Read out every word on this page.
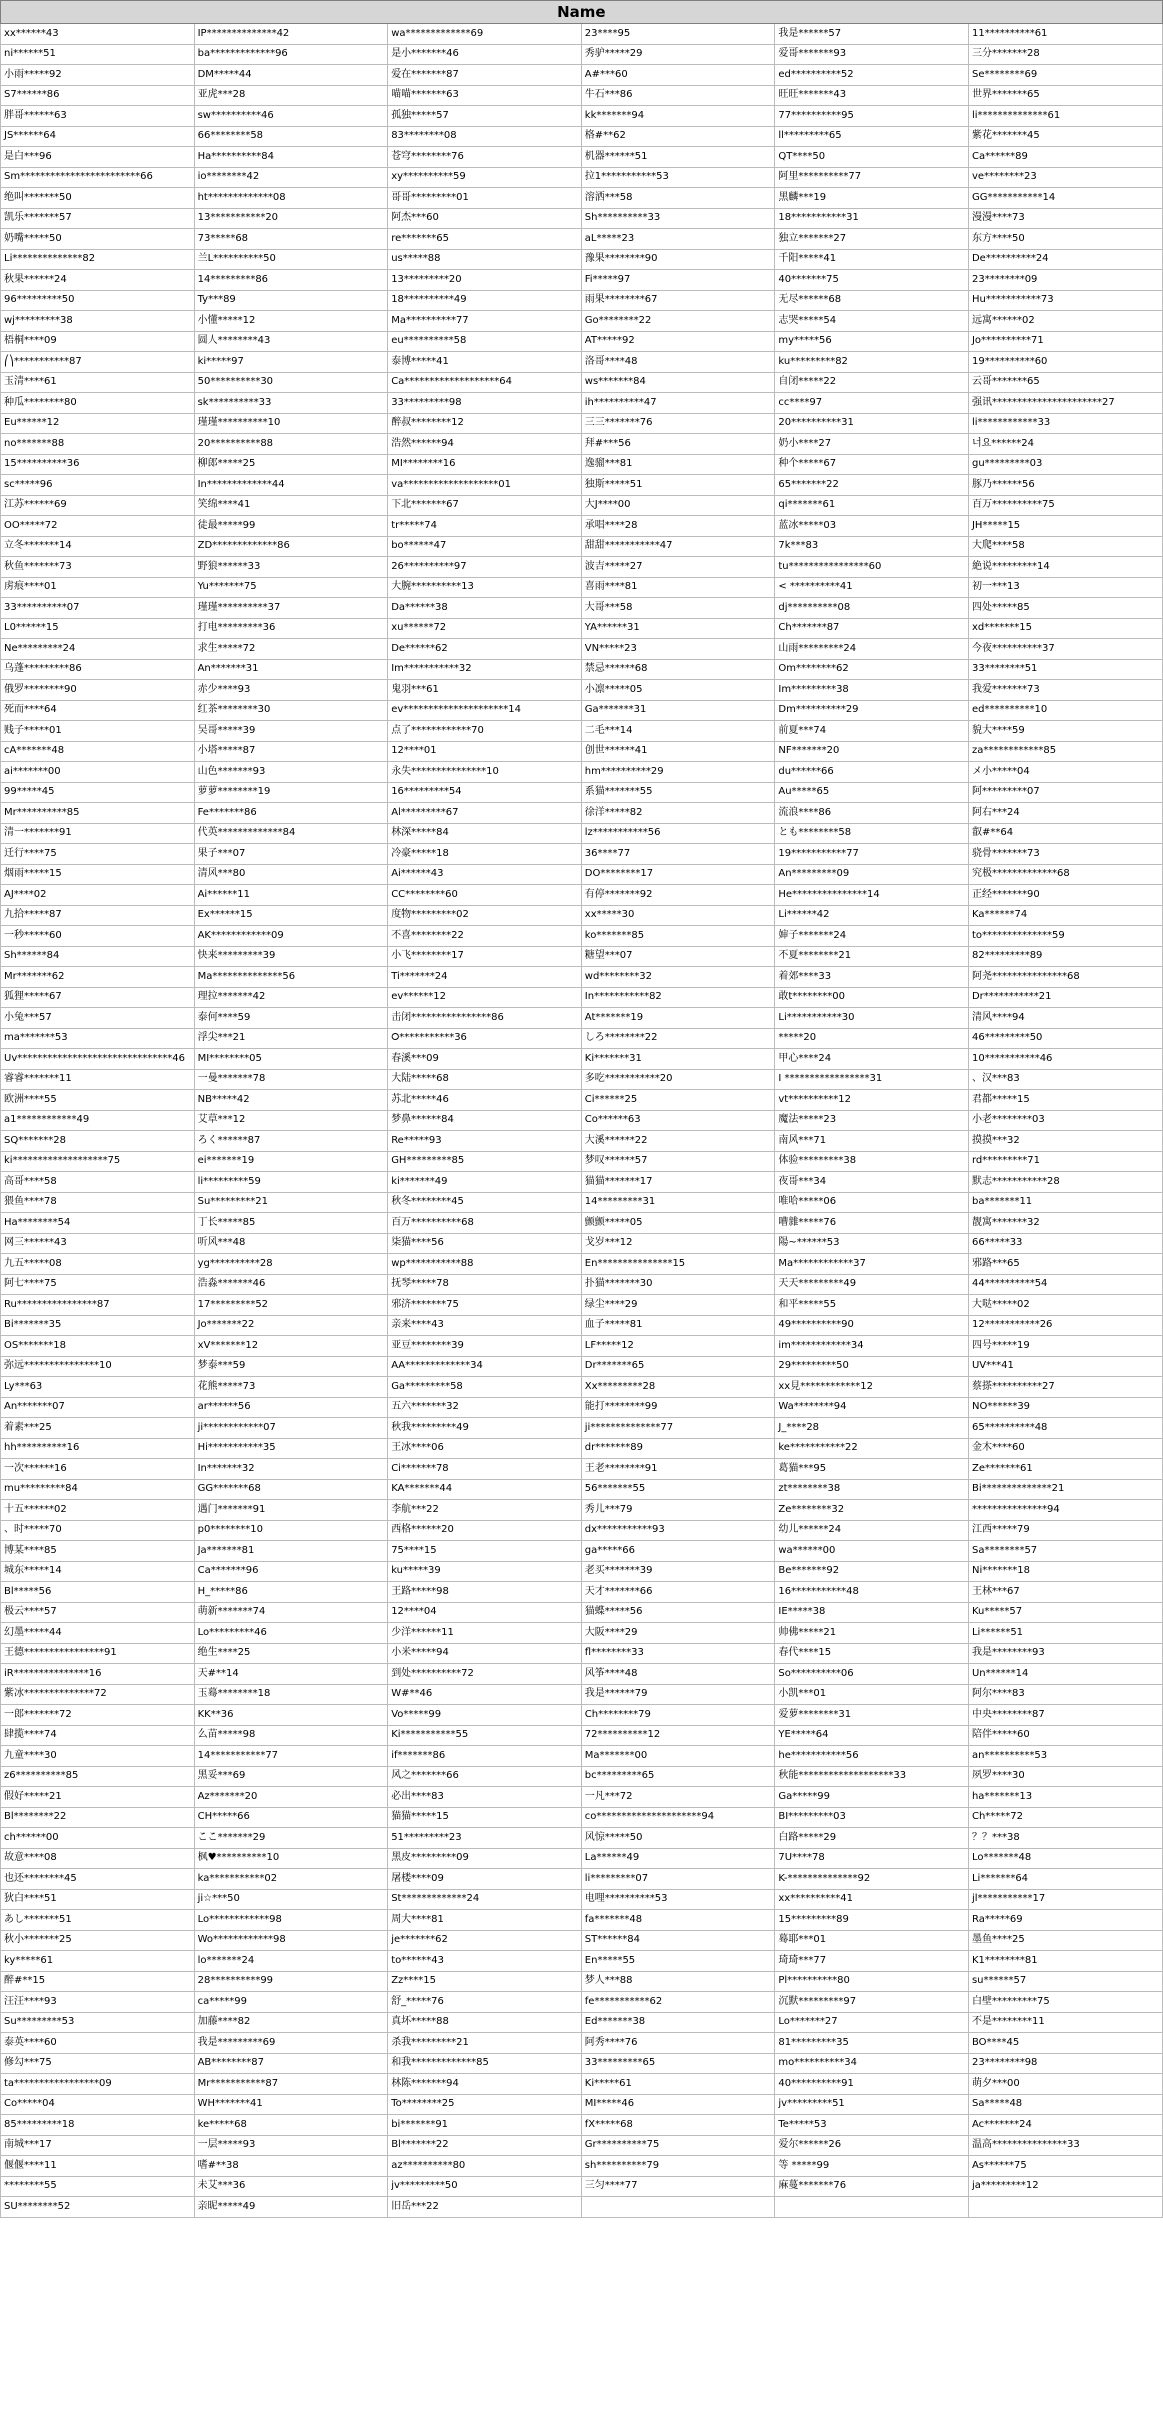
Name					
xx******43	IP**************42	wa*************69	23****95	我是******57	11**********61
ni******51	ba*************96	是小*******46	秀驴*****29	爱哥*******93	三分*******28
小雨*****92	DM*****44	爱在*******87	A#***60	ed**********52	Se********69
S7******86	亚虎***28	喵喵*******63	牛石***86	旺旺*******43	世界*******65
胖哥******63	sw**********46	孤独*****57	kk*******94	77**********95	li**************61
JS******64	66********58	83********08	格#**62	ll*********65	紫花*******45
是白***96	Ha**********84	苍穹********76	机器******51	QT****50	Ca******89
Sm************************66	io********42	xy**********59	拉1***********53	阿里**********77	ve********23
绝叫*******50	ht*************08	哥哥*********01	溶洒***58	黑麟***19	GG***********14
凯乐*******57	13***********20	阿杰***60	Sh**********33	18***********31	漫漫****73
奶嘴*****50	73*****68	re*******65	aL*****23	独立*******27	东方****50
Li**************82	兰L**********50	us*****88	豫果********90	千阳*****41	De**********24
秋果******24	14*********86	13*********20	Fi*****97	40*******75	23********09
96*********50	Ty***89	18**********49	雨果********67	无尽******68	Hu***********73
wj*********38	小懂*****12	Ma**********77	Go********22	志哭*****54	远寓******02
梧桐****09	圆人********43	eu**********58	AT*****92	my*****56	Jo**********71
⎛⎞***********87	ki*****97	泰博*****41	洛哥****48	ku*********82	19**********60
玉清****61	50**********30	Ca*******************64	ws*******84	自闭*****22	云哥*******65
种瓜********80	sk**********33	33*********98	ih**********47	cc****97	强讯**********************27
Eu******12	瑾瑾**********10	醉叔********12	三三*******76	20**********31	li************33
no*******88	20**********88	浩然******94	拜#***56	奶小****27	너요******24
15**********36	柳郎*****25	MI********16	逸骝***81	种个*****67	gu*********03
sc*****96	In*************44	va*******************01	独斯*****51	65*******22	豚乃******56
江苏******69	笑绵****41	下北*******67	大J****00	qi*******61	百万**********75
OO*****72	徒最*****99	tr*****74	承唱****28	蓝冰*****03	JH*****15
立冬*******14	ZD*************86	bo******47	甜甜***********47	7k***83	大爬****58
秋鱼*******73	野狼******33	26**********97	波吉*****27	tu****************60	絶说*********14
虏痕****01	Yu*******75	大腕**********13	喜雨****81	< **********41	初一***13
33**********07	瑾瑾**********37	Da******38	大哥***58	dj**********08	四处*****85
L0******15	打电*********36	xu******72	YA******31	Ch*******87	xd*******15
Ne*********24	求生*****72	De******62	VN*****23	山雨*********24	今夜**********37
乌蓬*********86	An*******31	Im***********32	禁忌******68	Om********62	33********51
俄罗********90	赤少****93	鬼羽***61	小凛*****05	Im*********38	我爱*******73
死而****64	红茶********30	ev*********************14	Ga*******31	Dm**********29	ed**********10
贱子*****01	吴哥*****39	点了************70	二毛***14	前夏***74	貌大****59
cA*******48	小塔*****87	12****01	创世******41	NF*******20	za************85
ai*******00	山色*******93	永失***************10	hm**********29	du******66	メ小*****04
99*****45	萝萝********19	16*********54	系猫*******55	Au*****65	阿*********07
Mr**********85	Fe*******86	Al*********67	徐洋*****82	流浪****86	阿右***24
清一*******91	代英*************84	林深*****84	lz***********56	とも********58	叡#**64
迁行****75	果子***07	冷豪*****18	36****77	19***********77	骁骨*******73
烟雨*****15	清风***80	Ai******43	DO********17	An*********09	究极*************68
AJ****02	Ai******11	CC********60	有停*******92	He***************14	正经*******90
九拾*****87	Ex******15	度物*********02	xx*****30	Li******42	Ka******74
一秒*****60	AK************09	不喜********22	ko*******85	婶子*******24	to**************59
Sh******84	快来*********39	小飞********17	糖望***07	不夏********21	82*********89
Mr*******62	Ma**************56	Ti*******24	wd********32	着郊****33	阿尧***************68
狐狸*****67	理拉*******42	ev******12	In***********82	敢t********00	Dr***********21
小兔***57	泰何****59	击闭****************86	At*******19	Li***********30	清风****94
ma*******53	浮尖***21	⭘***********36	しろ********22	*****20	46*********50
Uv*******************************46	MI********05	春溪***09	Ki*******31	甲心****24	10***********46
睿睿*******11	一曼*******78	大陆*****68	多吃***********20	I *****************31	、汉***83
欧洲****55	NB*****42	苏北*****46	Ci******25	vt**********12	君都*****15
a1************49	艾草***12	梦鼻******84	Co******63	魔法*****23	小老********03
SQ*******28	ろく******87	Re*****93	大溪******22	南风***71	摸摸***32
ki*******************75	ei*******19	GH*********85	梦叹******57	体验*********38	rd*********71
高哥****58	li*********59	ki*******49	猫猫*******17	夜哥***34	默志***********28
猥鱼****78	Su*********21	秋冬********45	14*********31	唯哈*****06	ba*******11
Ha********54	丁长*****85	百万**********68	颤颤*****05	嘈雜*****76	靓寓*******32
网三******43	听风***48	柒猫****56	戈岁***12	陽~******53	66*****33
九五*****08	yg**********28	wp***********88	En***************15	Ma************37	邪路***65
阿七****75	浩淼*******46	抚琴*****78	扑猫*******30	天天*********49	44**********54
Ru****************87	17*********52	邪济*******75	绿尘****29	和平*****55	大哒*****02
Bi*******35	Jo*******22	亲来****43	血子*****81	49**********90	12***********26
OS*******18	xV*******12	亚豆********39	LF*****12	im************34	四号*****19
弥远***************10	梦泰***59	AA*************34	Dr*******65	29*********50	UV***41
Ly***63	花熊*****73	Ga*********58	Xx*********28	xx見************12	蔡搽**********27
An*******07	ar******56	五六*******32	能打********99	Wa********94	NO******39
着素***25	ji************07	秋我*********49	ji**************77	J_****28	65**********48
hh**********16	Hi***********35	王冰****06	dr*******89	ke***********22	金木****60
一次******16	In*******32	Ci*******78	王老********91	葛猫***95	Ze*******61
mu*********84	GG*******68	KA*******44	56*******55	zt********38	Bi**************21
十五******02	遇门*******91	李航***22	秀儿***79	Ze********32	***************94
、时*****70	p0********10	西格******20	dx***********93	幼儿******24	江西*****79
博某****85	Ja*******81	75****15	ga*****66	wa******00	Sa********57
城东*****14	Ca*******96	ku*****39	老买*******39	Be*******92	Ni*******18
Bl*****56	H_*****86	王路*****98	天才*******66	16***********48	王林***67
极云****57	萌新*******74	12****04	猫蝶*****56	IE*****38	Ku*****57
幻墨*****44	Lo*********46	少洋******11	大阪****29	帅佛*****21	Li******51
王德****************91	绝生****25	小米*****94	fl********33	春代****15	我是********93
iR***************16	天#**14	到处**********72	风筝****48	So**********06	Un******14
紫冰**************72	玉蓦********18	W#**46	我是******79	小凯***01	阿尔****83
一郎*******72	KK**36	Vo*****99	Ch********79	爱萝********31	中央********87
肆揽****74	么苗*****98	Ki***********55	72**********12	YE*****64	陪伴*****60
九童****30	14***********77	if*******86	Ma*******00	he***********56	an**********53
z6**********85	黑妥***69	风之*******66	bc*********65	秋能*******************33	夙罗****30
假好*****21	Az*******20	必出****83	一凡***72	Ga*****99	ha*******13
Bl********22	CH*****66	猫猫*****15	co*********************94	BI*********03	Ch*****72
ch******00	ここ*******29	51*********23	风惊*****50	白路*****29	？？***38
故意****08	枫♥**********10	黑皮*********09	La******49	7U****78	Lo*******48
也还********45	ka***********02	屠楼****09	li*********07	K-**************92	Li*******64
狄白****51	ji☆***50	St*************24	电哩**********53	xx**********41	jl***********17
あし*******51	Lo************98	周大****81	fa*******48	15*********89	Ra*****69
秋小*******25	Wo************98	je*******62	ST******84	蓦耶***01	墨鱼****25
ky*****61	lo*******24	to******43	En*****55	琦琦***77	K1********81
醉#**15	28**********99	Zz****15	梦人***88	Pl**********80	su******57
汪汪****93	ca*****99	舒_*****76	fe***********62	沉默*********97	白壁*********75
Su*********53	加藤****82	真坏*****88	Ed*******38	Lo*******27	不是********11
泰英****60	我是*********69	杀我*********21	阿秀****76	81*********35	BO****45
修勾***75	AB********87	和我*************85	33*********65	mo**********34	23********98
ta*****************09	Mr***********87	林陈*******94	Ki*****61	40**********91	萌夕***00
Co*****04	WH*******41	To********25	MI*****46	jv*********51	Sa*****48
85*********18	ke*****68	bi*******91	fX*****68	Te*****53	Ac*******24
南城***17	一层*****93	Bl*******22	Gr**********75	爱尔******26	温高***************33
偃偃****11	嗜#**38	az**********80	sh**********79	等 *****99	As******75
********55	未艾***36	jv*********50	三匀****77	麻蔓*******76	ja*********12
SU********52	亲昵*****49	旧岳***22			
